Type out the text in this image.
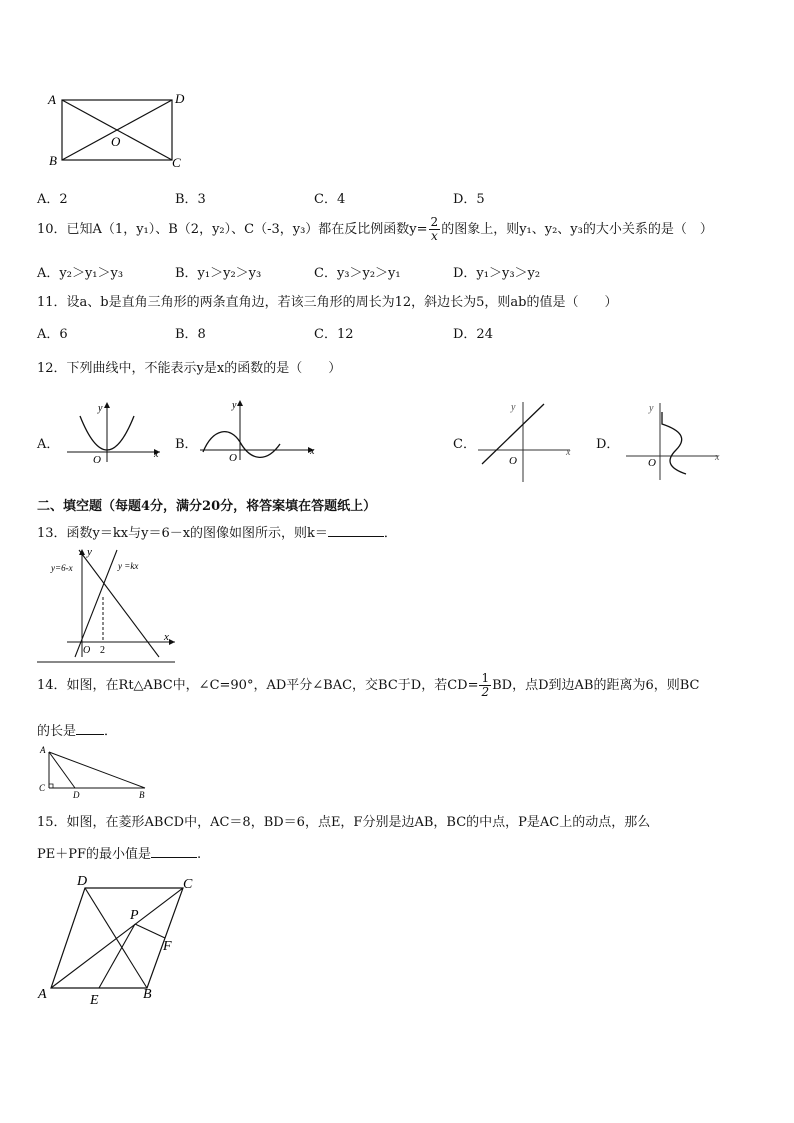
A	D
B	C
O
A．2	B．3	C．4	D．5
10．已知A（1，y₁）、B（2，y₂）、C（-3，y₃）都在反比例函数$y= \frac{2}{x}$ 的图象上，则y₁、y₂、y₃的大小关系的是（　）
A．y₂＞y₁＞y₃	B．y₁＞y₂＞y₃	C．y₃＞y₂＞y₁	D．y₁＞y₃＞y₂
11．设a、b是直角三角形的两条直角边，若该三角形的周长为12，斜边长为5，则ab的值是（　　）
A．6	B．8	C．12	D．24
12．下列曲线中，不能表示y是x的函数的是（　　）
A．
x
y
O
B．	x
y
O
C．
x
y
O
D．
x
y
O
二、填空题（每题4分，满分20分，将答案填在答题纸上）
13．函数y＝kx与y＝6－x的图像如图所示，则k＝	．
y=6-x	y =kx
y
x
O 2
14．如图，在Rt△ABC中，∠C=90°，AD平分∠BAC，交BC于D，若$CD= \frac{1}{2}$ BD，点D到边AB的距离为6，则BC
的长是 ．
A
C
D	B
15．如图，在菱形ABCD中，AC＝8，BD＝6，点E，F分别是边AB，BC的中点，P是AC上的动点，那么
PE＋PF的最小值是	.
D	C
P
F
A	E	B
